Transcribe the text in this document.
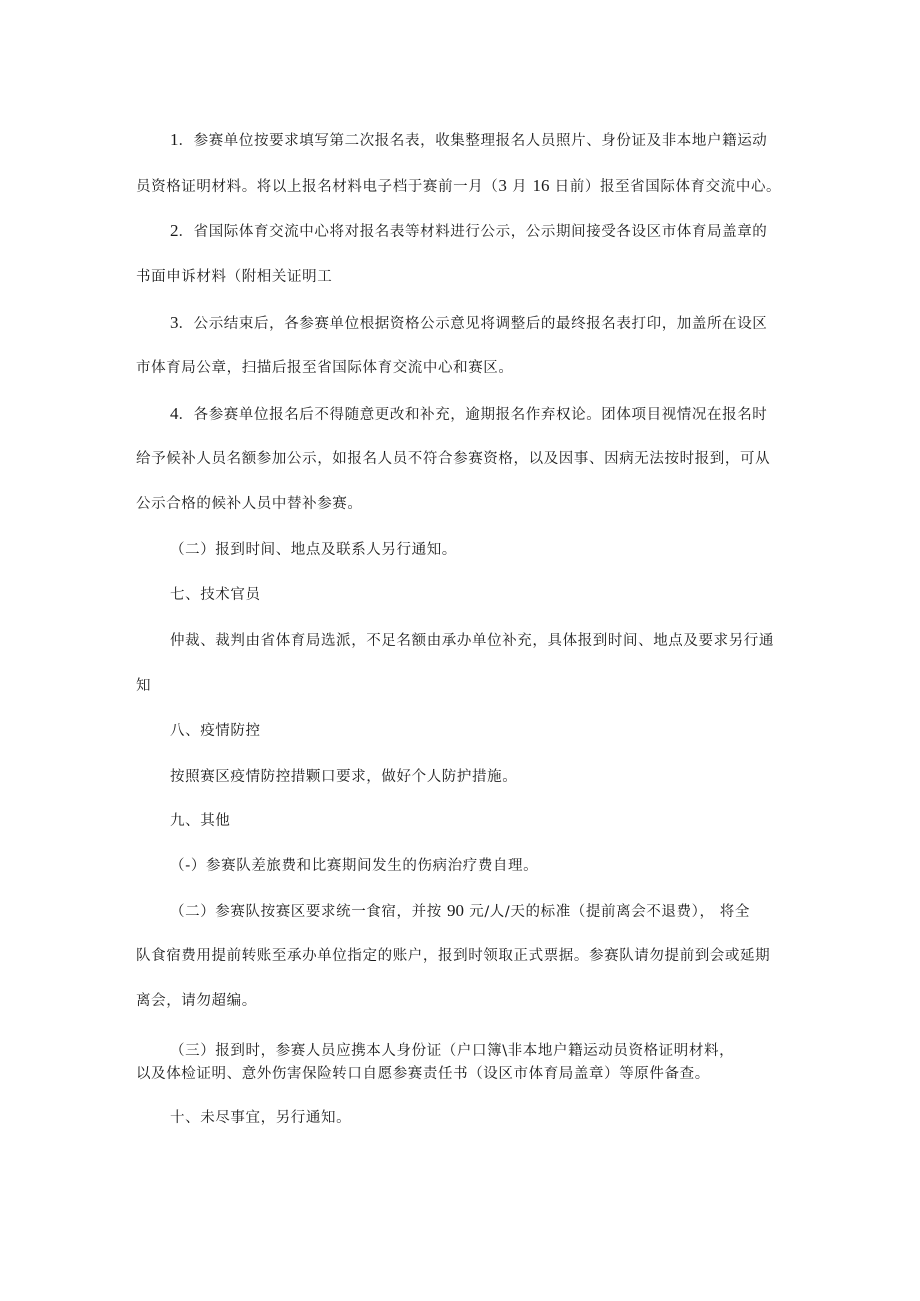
1．参赛单位按要求填写第二次报名表，收集整理报名人员照片、身份证及非本地户籍运动
员资格证明材料。将以上报名材料电子档于赛前一月（3 月 16 日前）报至省国际体育交流中心。
2．省国际体育交流中心将对报名表等材料进行公示，公示期间接受各设区市体育局盖章的
书面申诉材料（附相关证明工
3．公示结束后，各参赛单位根据资格公示意见将调整后的最终报名表打印，加盖所在设区
市体育局公章，扫描后报至省国际体育交流中心和赛区。
4．各参赛单位报名后不得随意更改和补充，逾期报名作弃权论。团体项目视情况在报名时
给予候补人员名额参加公示，如报名人员不符合参赛资格，以及因事、因病无法按时报到，可从
公示合格的候补人员中替补参赛。
（二）报到时间、地点及联系人另行通知。
七、技术官员
仲裁、裁判由省体育局选派，不足名额由承办单位补充，具体报到时间、地点及要求另行通
知
八、疫情防控
按照赛区疫情防控措颗口要求，做好个人防护措施。
九、其他
（-）参赛队差旅费和比赛期间发生的伤病治疗费自理。
（二）参赛队按赛区要求统一食宿，并按 90 元/人/天的标准（提前离会不退费）， 将全
队食宿费用提前转账至承办单位指定的账户，报到时领取正式票据。参赛队请勿提前到会或延期
离会，请勿超编。
（三）报到时，参赛人员应携本人身份证（户口簿\非本地户籍运动员资格证明材料，
以及体检证明、意外伤害保险转口自愿参赛责任书（设区市体育局盖章）等原件备查。
十、未尽事宜，另行通知。
